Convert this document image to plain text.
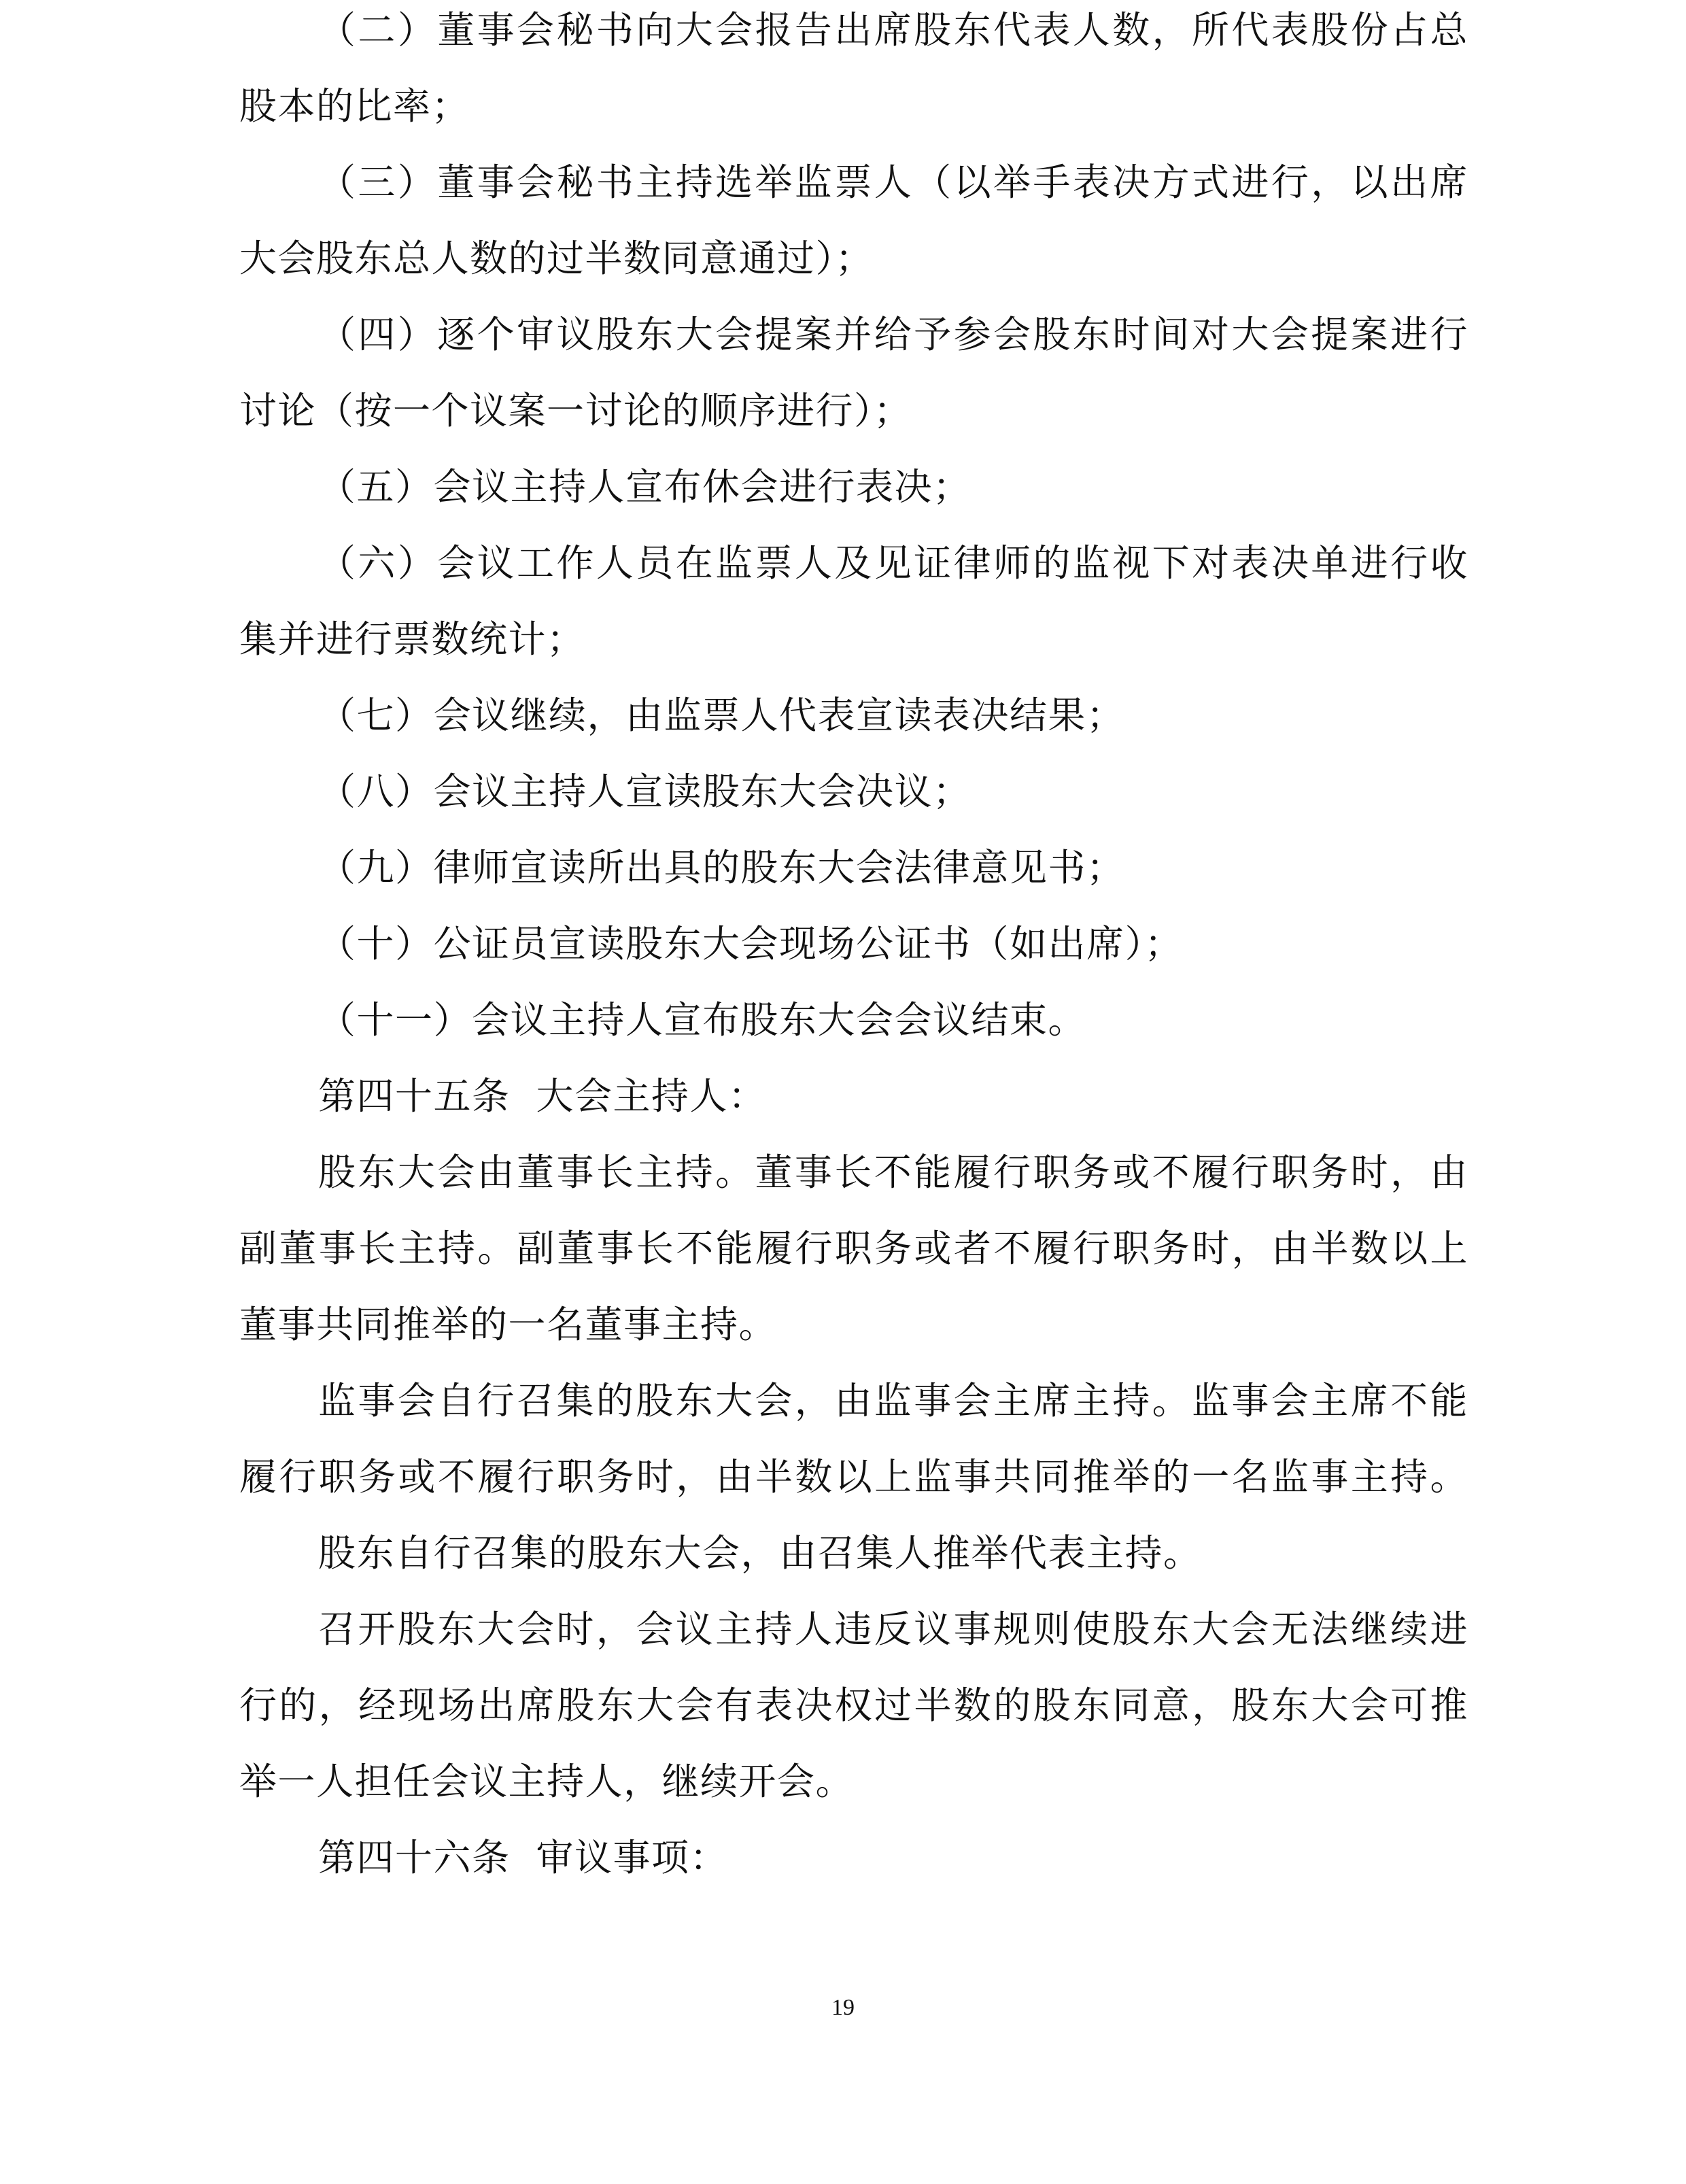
（二）董事会秘书向大会报告出席股东代表人数，所代表股份占总
股本的比率；
（三）董事会秘书主持选举监票人（以举手表决方式进行，以出席
大会股东总人数的过半数同意通过）；
（四）逐个审议股东大会提案并给予参会股东时间对大会提案进行
讨论（按一个议案一讨论的顺序进行）；
（五）会议主持人宣布休会进行表决；
（六）会议工作人员在监票人及见证律师的监视下对表决单进行收
集并进行票数统计；
（七）会议继续，由监票人代表宣读表决结果；
（八）会议主持人宣读股东大会决议；
（九）律师宣读所出具的股东大会法律意见书；
（十）公证员宣读股东大会现场公证书（如出席）；
（十一）会议主持人宣布股东大会会议结束。
第四十五条  大会主持人：
股东大会由董事长主持。董事长不能履行职务或不履行职务时，由
副董事长主持。副董事长不能履行职务或者不履行职务时，由半数以上
董事共同推举的一名董事主持。
监事会自行召集的股东大会，由监事会主席主持。监事会主席不能
履行职务或不履行职务时，由半数以上监事共同推举的一名监事主持。
股东自行召集的股东大会，由召集人推举代表主持。
召开股东大会时，会议主持人违反议事规则使股东大会无法继续进
行的，经现场出席股东大会有表决权过半数的股东同意，股东大会可推
举一人担任会议主持人，继续开会。
第四十六条  审议事项：
19
